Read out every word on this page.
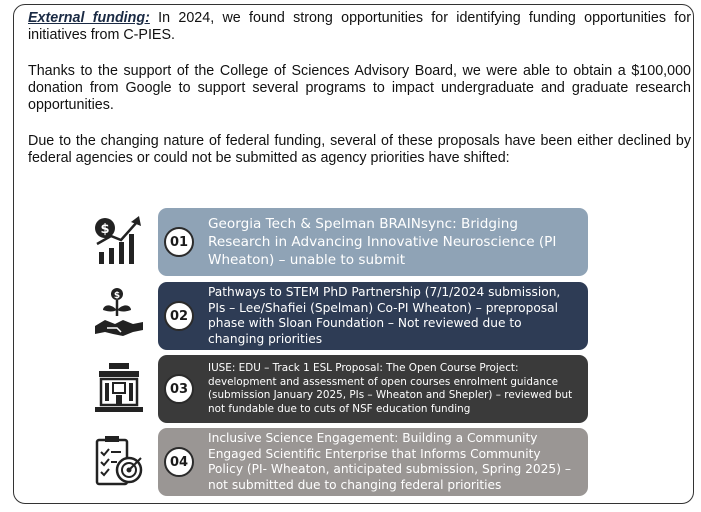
External funding: In 2024, we found strong opportunities for identifying funding opportunities for initiatives from C-PIES.

Thanks to the support of the College of Sciences Advisory Board, we were able to obtain a $100,000 donation from Google to support several programs to impact undergraduate and graduate research opportunities.

Due to the changing nature of federal funding, several of these proposals have been either declined by federal agencies or could not be submitted as agency priorities have shifted:

$
01

Georgia Tech & Spelman BRAINsync: Bridging Research in Advancing Innovative Neuroscience (PI Wheaton) – unable to submit

$
02

Pathways to STEM PhD Partnership (7/1/2024 submission, PIs – Lee/Shafiei (Spelman) Co-PI Wheaton) – preproposal phase with Sloan Foundation – Not reviewed due to changing priorities

03

IUSE: EDU – Track 1 ESL Proposal: The Open Course Project: development and assessment of open courses enrolment guidance (submission January 2025, PIs – Wheaton and Shepler) – reviewed but not fundable due to cuts of NSF education funding

04

Inclusive Science Engagement: Building a Community Engaged Scientific Enterprise that Informs Community Policy (PI- Wheaton, anticipated submission, Spring 2025) – not submitted due to changing federal priorities
